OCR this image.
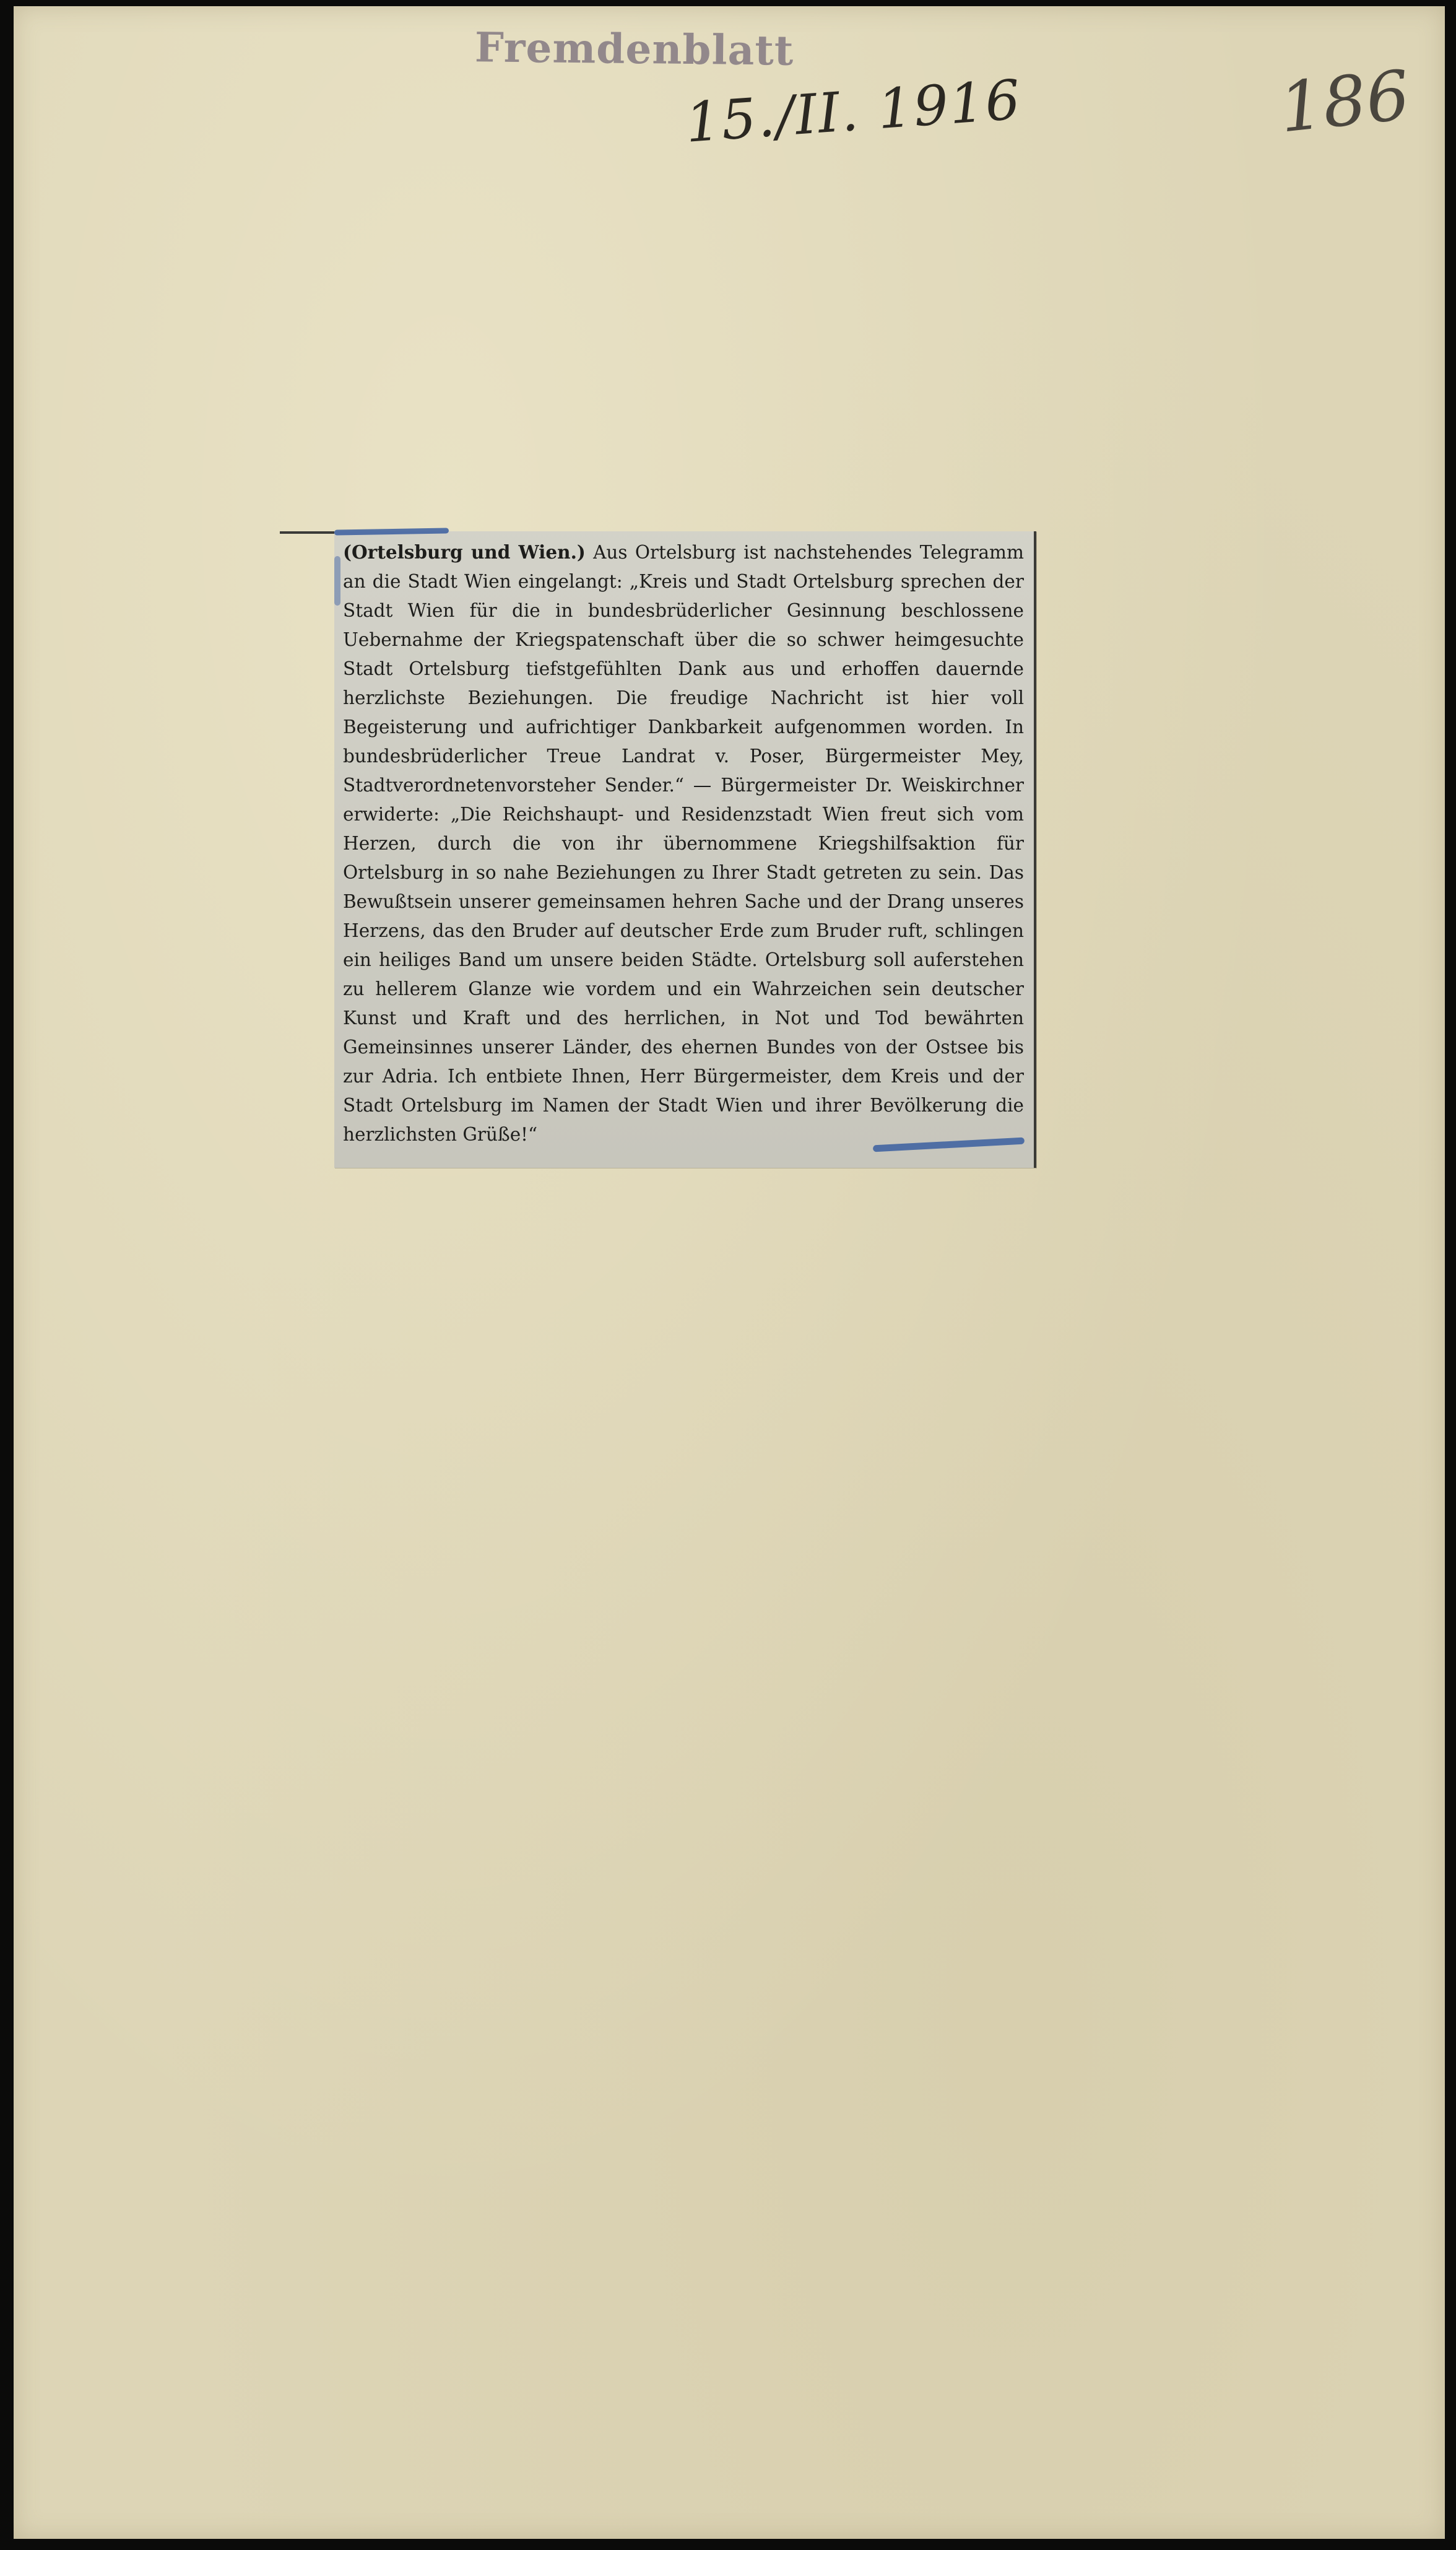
Fremdenblatt
15./II. 1916	186

(Ortelsburg und Wien.) Aus Ortelsburg ist nachstehendes Telegramm an die Stadt Wien eingelangt: „Kreis und Stadt Ortelsburg sprechen der Stadt Wien für die in bundesbrüderlicher Gesinnung beschlossene Uebernahme der Kriegspatenschaft über die so schwer heimgesuchte Stadt Ortelsburg tiefstgefühlten Dank aus und erhoffen dauernde herzlichste Beziehungen. Die freudige Nachricht ist hier voll Begeisterung und aufrichtiger Dankbarkeit aufgenommen worden. In bundesbrüderlicher Treue Landrat v. Poser, Bürgermeister Mey, Stadtverordnetenvorsteher Sender.“ — Bürgermeister Dr. Weiskirchner erwiderte: „Die Reichshaupt- und Residenzstadt Wien freut sich vom Herzen, durch die von ihr übernommene Kriegshilfsaktion für Ortelsburg in so nahe Beziehungen zu Ihrer Stadt getreten zu sein. Das Bewußtsein unserer gemeinsamen hehren Sache und der Drang unseres Herzens, das den Bruder auf deutscher Erde zum Bruder ruft, schlingen ein heiliges Band um unsere beiden Städte. Ortelsburg soll auferstehen zu hellerem Glanze wie vordem und ein Wahrzeichen sein deutscher Kunst und Kraft und des herrlichen, in Not und Tod bewährten Gemeinsinnes unserer Länder, des ehernen Bundes von der Ostsee bis zur Adria. Ich entbiete Ihnen, Herr Bürgermeister, dem Kreis und der Stadt Ortelsburg im Namen der Stadt Wien und ihrer Bevölkerung die herzlichsten Grüße!“
